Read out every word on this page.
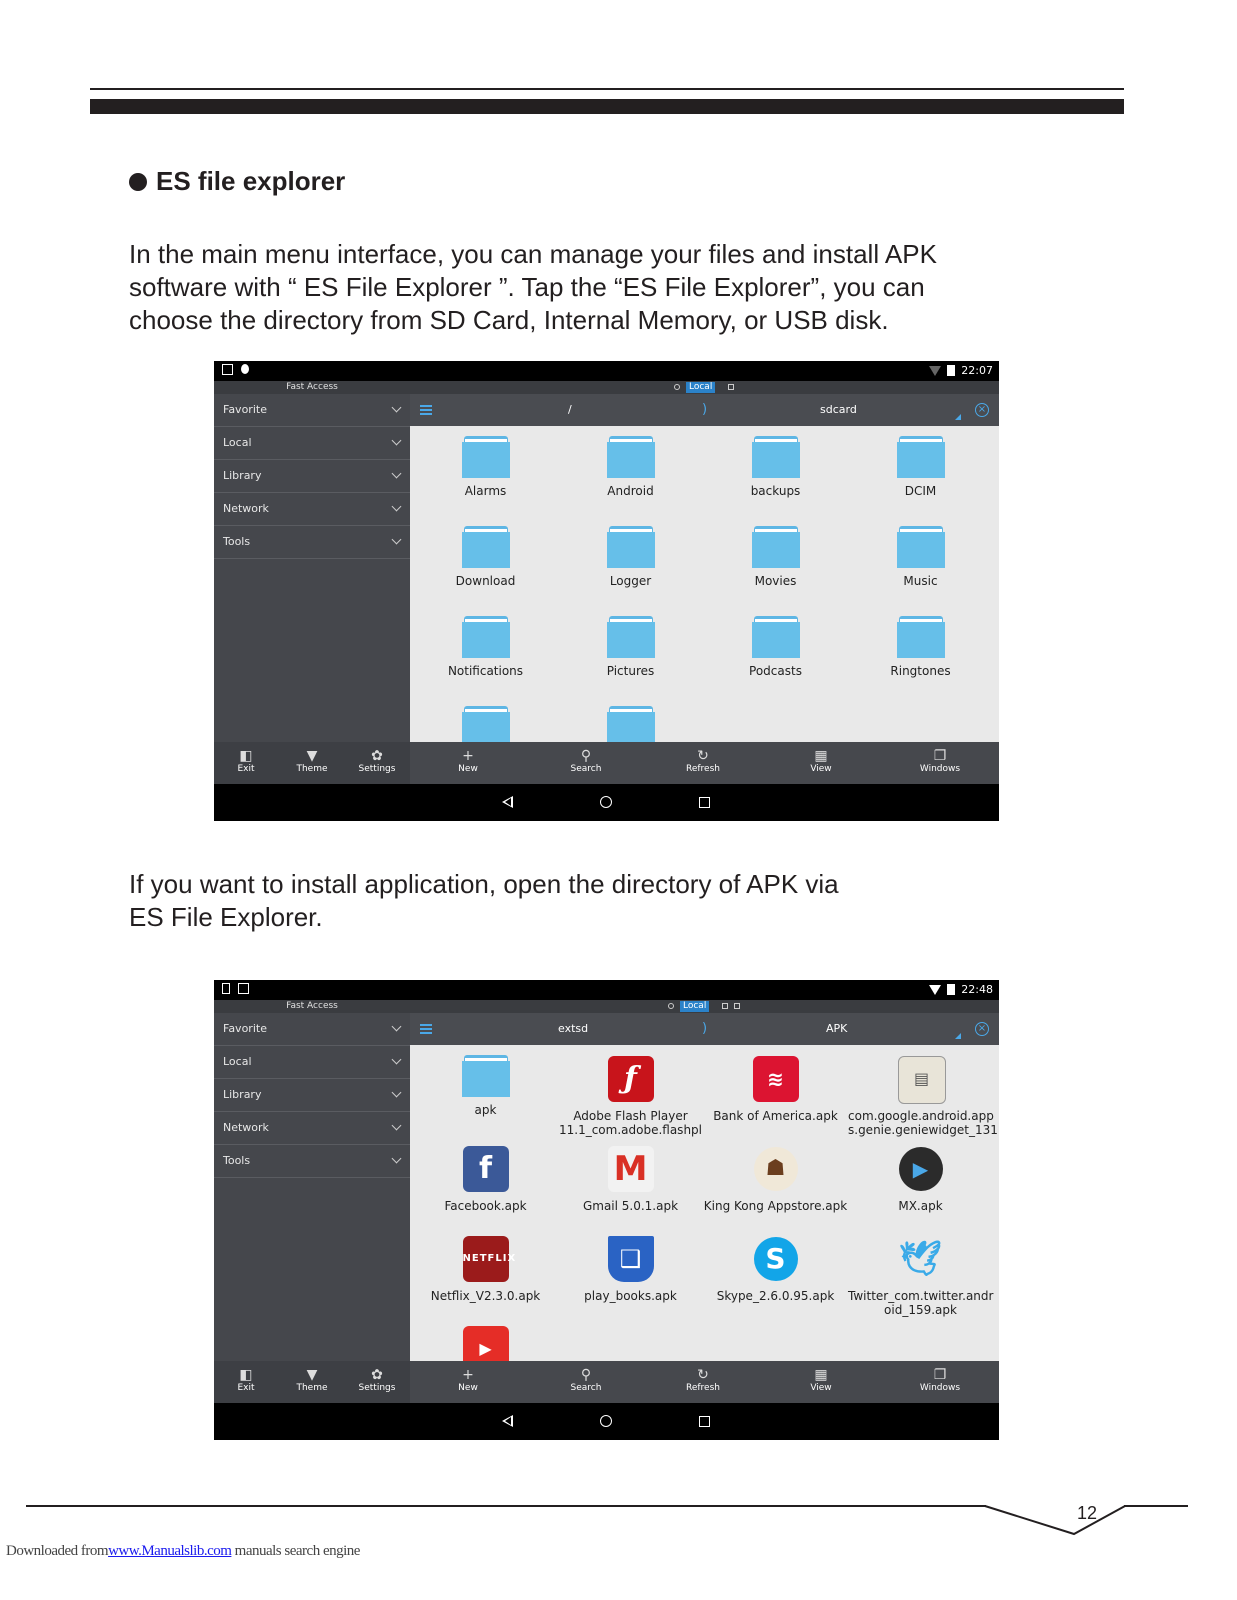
ES file explorer
In the main menu interface, you can manage your files and install APK
software with “ ES File Explorer ”. Tap the “ES File Explorer”, you can
choose the directory from SD Card, Internal Memory, or USB disk.
22:07
Fast Access
Favorite
Local
Library
Network
Tools
Local
/	)	sdcard	×
Alarms	Android	backups	DCIM
Download	Logger	Movies	Music
Notifications	Pictures	Podcasts	Ringtones
◧
Exit
▼
Theme
✿
Settings
+
New
⚲
Search
↻
Refresh
▦
View
❐
Windows
If you want to install application, open the directory of APK via
ES File Explorer.
22:48
Fast Access
Favorite
Local
Library
Network
Tools
Local
extsd	)	APK	×
apk
ƒ
Adobe Flash Player 11.1_com.adobe.flashpl
≋
Bank of America.apk
▤
com.google.android.app s.genie.geniewidget_131
f
Facebook.apk
M
Gmail 5.0.1.apk
☗
King Kong Appstore.apk
▶
MX.apk
NETFLIX
Netflix_V2.3.0.apk
❑
play_books.apk
S
Skype_2.6.0.95.apk
🕊
Twitter_com.twitter.andr oid_159.apk
▶
◧
Exit
▼
Theme
✿
Settings
+
New
⚲
Search
↻
Refresh
▦
View
❐
Windows
12
Downloaded fromwww.Manualslib.com manuals search engine
